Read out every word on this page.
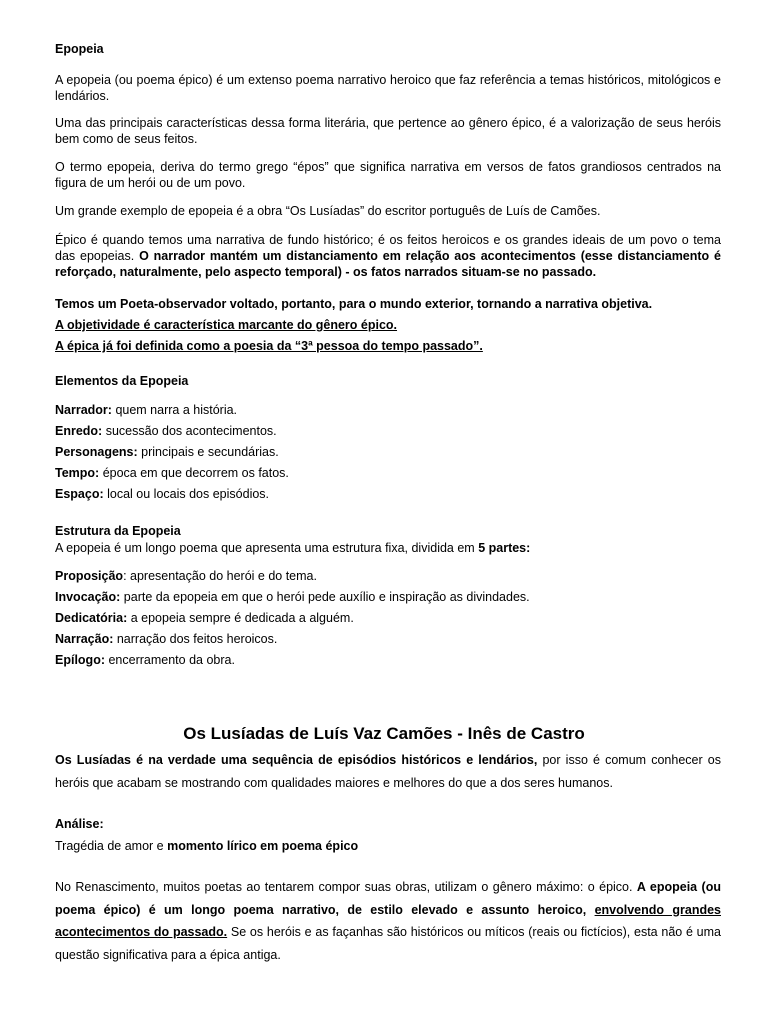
Epopeia

A epopeia (ou poema épico) é um extenso poema narrativo heroico que faz referência a temas históricos, mitológicos e lendários.

Uma das principais características dessa forma literária, que pertence ao gênero épico, é a valorização de seus heróis bem como de seus feitos.

O termo epopeia, deriva do termo grego “épos” que significa narrativa em versos de fatos grandiosos centrados na figura de um herói ou de um povo.

Um grande exemplo de epopeia é a obra “Os Lusíadas” do escritor português de Luís de Camões.

Épico é quando temos uma narrativa de fundo histórico; é os feitos heroicos e os grandes ideais de um povo o tema das epopeias. O narrador mantém um distanciamento em relação aos acontecimentos (esse distanciamento é reforçado, naturalmente, pelo aspecto temporal) - os fatos narrados situam-se no passado.

Temos um Poeta-observador voltado, portanto, para o mundo exterior, tornando a narrativa objetiva.

A objetividade é característica marcante do gênero épico.

A épica já foi definida como a poesia da “3ª pessoa do tempo passado”.

Elementos da Epopeia

Narrador: quem narra a história.
Enredo: sucessão dos acontecimentos.
Personagens: principais e secundárias.
Tempo: época em que decorrem os fatos.
Espaço: local ou locais dos episódios.

Estrutura da Epopeia

A epopeia é um longo poema que apresenta uma estrutura fixa, dividida em 5 partes:

Proposição: apresentação do herói e do tema.
Invocação: parte da epopeia em que o herói pede auxílio e inspiração as divindades.
Dedicatória: a epopeia sempre é dedicada a alguém.
Narração: narração dos feitos heroicos.
Epílogo: encerramento da obra.
Os Lusíadas de Luís Vaz Camões - Inês de Castro

Os Lusíadas é na verdade uma sequência de episódios históricos e lendários, por isso é comum conhecer os heróis que acabam se mostrando com qualidades maiores e melhores do que a dos seres humanos.

Análise:

Tragédia de amor e momento lírico em poema épico

No Renascimento, muitos poetas ao tentarem compor suas obras, utilizam o gênero máximo: o épico. A epopeia (ou poema épico) é um longo poema narrativo, de estilo elevado e assunto heroico, envolvendo grandes acontecimentos do passado. Se os heróis e as façanhas são históricos ou míticos (reais ou fictícios), esta não é uma questão significativa para a épica antiga.
